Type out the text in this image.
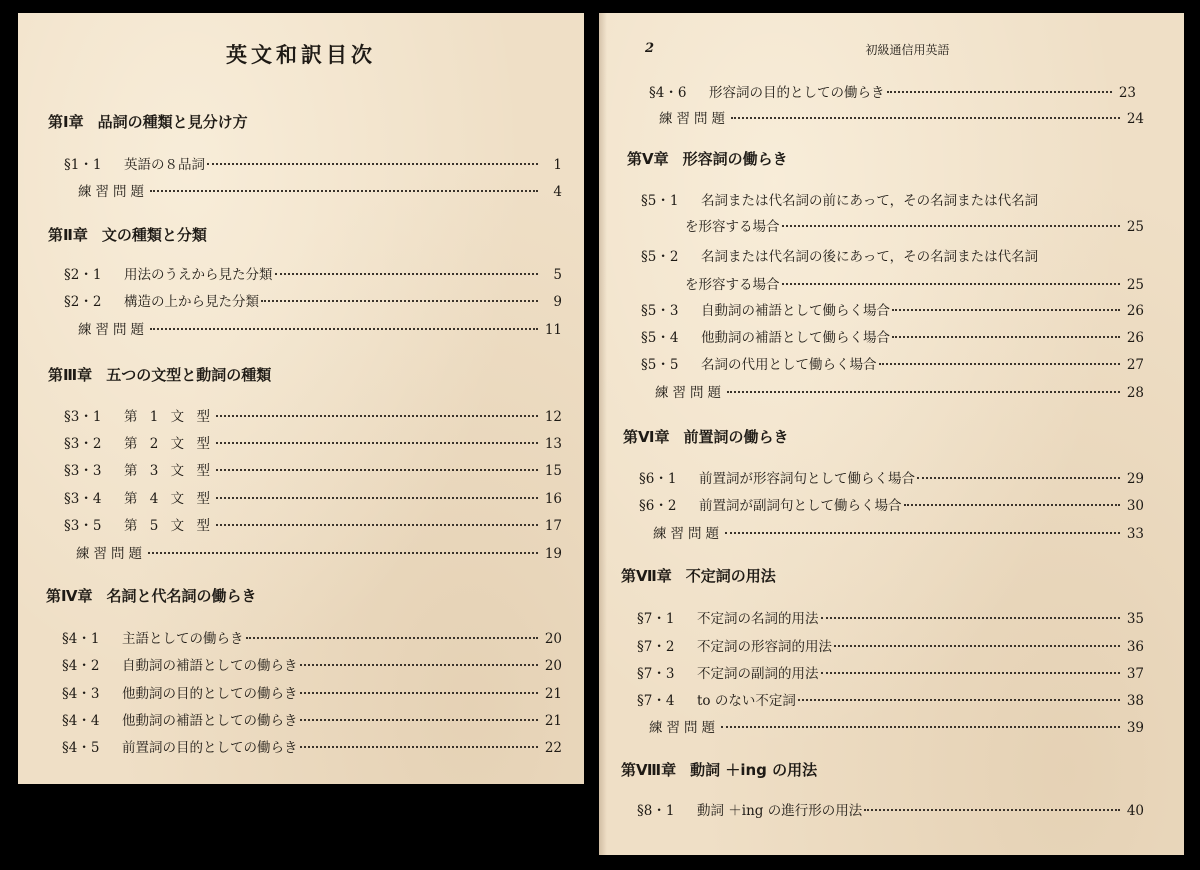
英文和訳目次
第Ⅰ章 品詞の種類と見分け方
§1・1	英語の８品詞	1
練習問題	4
第Ⅱ章 文の種類と分類
§2・1	用法のうえから見た分類	5
§2・2	構造の上から見た分類	9
練習問題	11
第Ⅲ章 五つの文型と動詞の種類
§3・1	第 1 文 型	12
§3・2	第 2 文 型	13
§3・3	第 3 文 型	15
§3・4	第 4 文 型	16
§3・5	第 5 文 型	17
練習問題	19
第Ⅳ章 名詞と代名詞の働らき
§4・1	主語としての働らき	20
§4・2	自動詞の補語としての働らき	20
§4・3	他動詞の目的としての働らき	21
§4・4	他動詞の補語としての働らき	21
§4・5	前置詞の目的としての働らき	22
2	初級通信用英語
§4・6	形容詞の目的としての働らき	23
練習問題	24
第Ⅴ章 形容詞の働らき
§5・1 名詞または代名詞の前にあって，その名詞または代名詞
を形容する場合	25
§5・2 名詞または代名詞の後にあって，その名詞または代名詞
を形容する場合	25
§5・3	自動詞の補語として働らく場合	26
§5・4	他動詞の補語として働らく場合	26
§5・5	名詞の代用として働らく場合	27
練習問題	28
第Ⅵ章 前置詞の働らき
§6・1	前置詞が形容詞句として働らく場合	29
§6・2	前置詞が副詞句として働らく場合	30
練習問題	33
第Ⅶ章 不定詞の用法
§7・1	不定詞の名詞的用法	35
§7・2	不定詞の形容詞的用法	36
§7・3	不定詞の副詞的用法	37
§7・4	to のない不定詞	38
練習問題	39
第Ⅷ章 動詞 ＋ing の用法
§8・1	動詞 ＋ing の進行形の用法	40
